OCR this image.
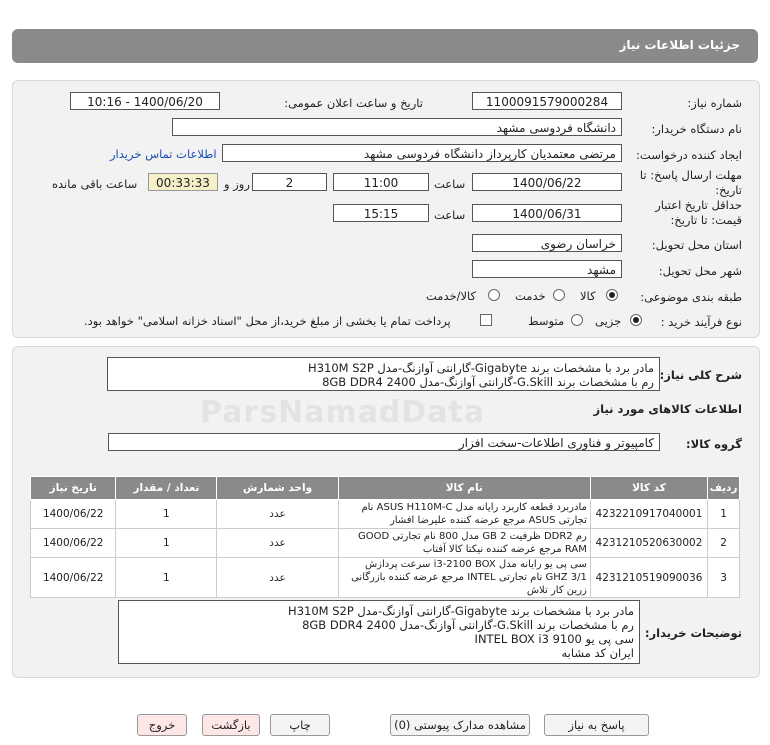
جزئیات اطلاعات نیاز
شماره نیاز:
1100091579000284
تاریخ و ساعت اعلان عمومی:
1400/06/20 - 10:16
نام دستگاه خریدار:
دانشگاه فردوسی مشهد
ایجاد کننده درخواست:
مرتضی معتمدیان کارپرداز دانشگاه فردوسی مشهد
اطلاعات تماس خریدار
مهلت ارسال پاسخ: تا
تاریخ:
1400/06/22
ساعت
11:00
2
روز و
00:33:33
ساعت باقی مانده
حداقل تاریخ اعتبار
قیمت: تا تاریخ:
1400/06/31
ساعت
15:15
استان محل تحویل:
خراسان رضوی
شهر محل تحویل:
مشهد
طبقه بندی موضوعی:
کالا
خدمت
کالا/خدمت
نوع فرآیند خرید :
جزیی
متوسط
پرداخت تمام یا بخشی از مبلغ خرید،از محل "اسناد خزانه اسلامی" خواهد بود.
شرح کلی نیاز:
مادر برد با مشخصات برند Gigabyte-گارانتی آوازنگ-مدل H310M S2P
رم با مشخصات برند G.Skill-گارانتی آوازنگ-مدل 2400 8GB DDR4
ParsNamadData	اطلاعات کالاهای مورد نیاز
گروه کالا:
کامپیوتر و فناوری اطلاعات-سخت افزار
تاریخ نیاز	تعداد / مقدار	واحد شمارش	نام کالا	کد کالا	ردیف
1400/06/22	1	عدد	مادربرد قطعه کاربرد رایانه مدل ASUS H110M-C نام تجارتی ASUS مرجع عرضه کننده علیرضا افشار	4232210917040001	1
1400/06/22	1	عدد	رم DDR2 ظرفیت 2 GB مدل 800 نام تجارتی GOOD RAM مرجع عرضه کننده نیکتا کالا آفتاب	4231210520630002	2
1400/06/22	1	عدد	سی پی یو رایانه مدل i3-2100 BOX سرعت پردازش GHZ 3/1 نام تجارتی INTEL مرجع عرضه کننده بازرگانی زرین کار تلاش	4231210519090036	3
توضیحات خریدار:
مادر برد با مشخصات برند Gigabyte-گارانتی آوازنگ-مدل H310M S2P
رم با مشخصات برند G.Skill-گارانتی آوازنگ-مدل 2400 8GB DDR4
سی پی یو INTEL BOX i3 9100
ایران کد مشابه
پاسخ به نیاز
مشاهده مدارک پیوستی (0)
چاپ
بازگشت
خروج
